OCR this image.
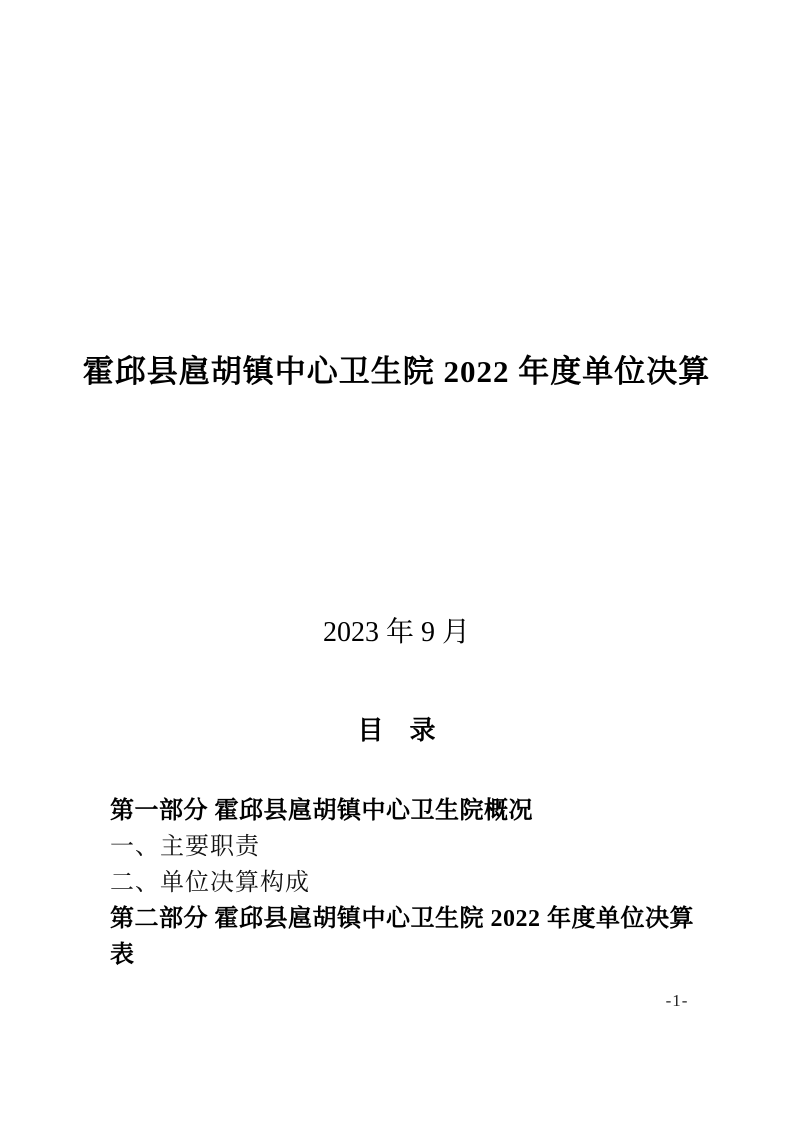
霍邱县扈胡镇中心卫生院 2022 年度单位决算
2023 年 9 月
目　录
第一部分 霍邱县扈胡镇中心卫生院概况
一、主要职责
二、单位决算构成
第二部分 霍邱县扈胡镇中心卫生院 2022 年度单位决算
表
-1-
